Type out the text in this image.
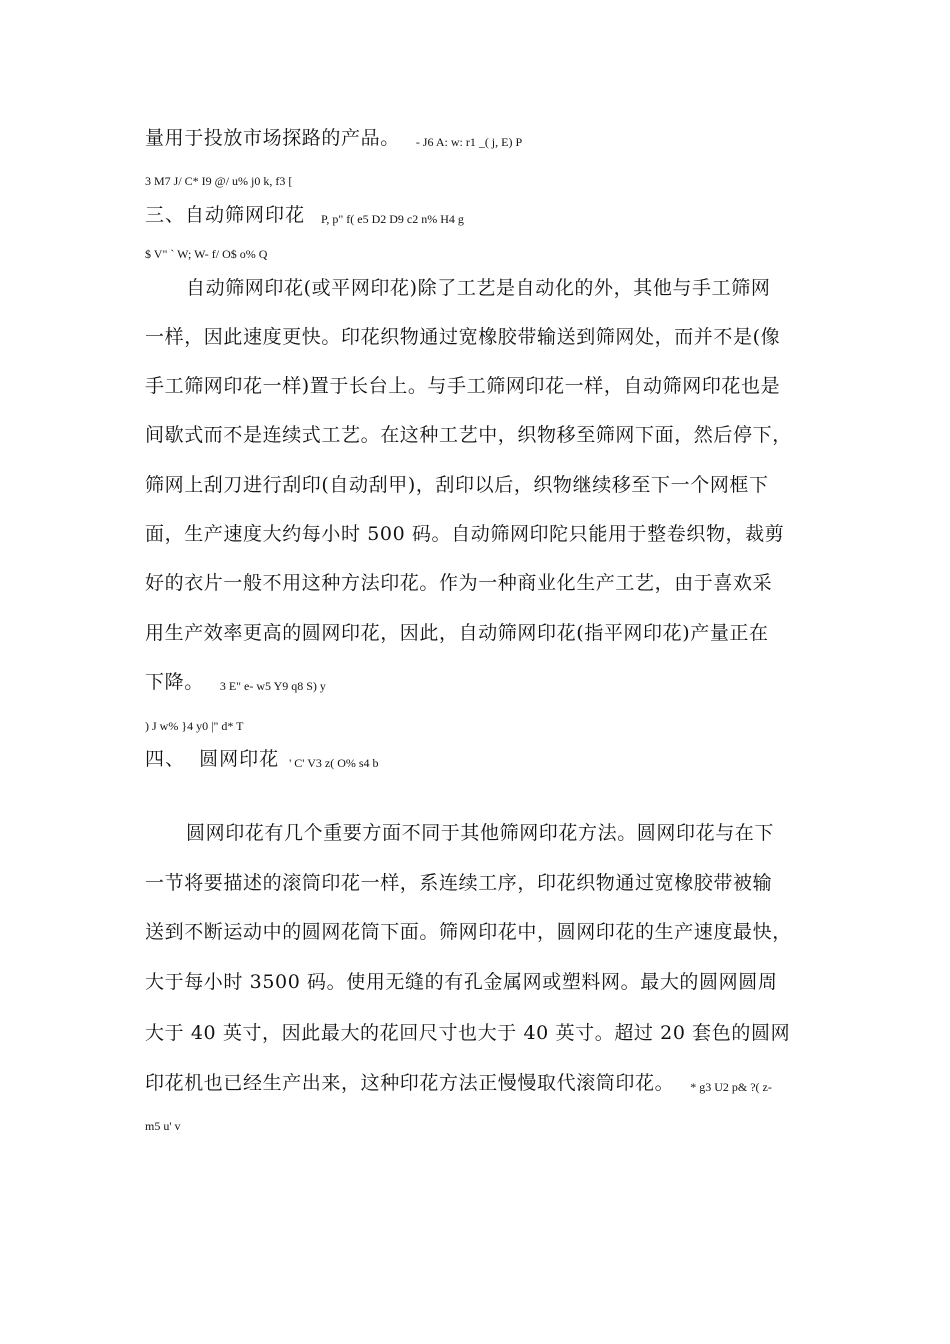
量用于投放市场探路的产品。 - J6 A: w: r1 _( j, E) P
3 M7 J/ C* I9 @/ u% j0 k, f3 [
三、自动筛网印花 P, p" f( e5 D2 D9 c2 n% H4 g
$ V" ` W; W- f/ O$ o% Q
自动筛网印花(或平网印花)除了工艺是自动化的外，其他与手工筛网
一样，因此速度更快。印花织物通过宽橡胶带输送到筛网处，而并不是(像
手工筛网印花一样)置于长台上。与手工筛网印花一样，自动筛网印花也是
间歇式而不是连续式工艺。在这种工艺中，织物移至筛网下面，然后停下，
筛网上刮刀进行刮印(自动刮甲)，刮印以后，织物继续移至下一个网框下
面，生产速度大约每小时 500 码。自动筛网印陀只能用于整卷织物，裁剪
好的衣片一般不用这种方法印花。作为一种商业化生产工艺，由于喜欢采
用生产效率更高的圆网印花，因此，自动筛网印花(指平网印花)产量正在
下降。 3 E" e- w5 Y9 q8 S) y
) J w% }4 y0 |" d* T
四、  圆网印花 ' C' V3 z( O% s4 b
圆网印花有几个重要方面不同于其他筛网印花方法。圆网印花与在下
一节将要描述的滚筒印花一样，系连续工序，印花织物通过宽橡胶带被输
送到不断运动中的圆网花筒下面。筛网印花中，圆网印花的生产速度最快，
大于每小时 3500 码。使用无缝的有孔金属网或塑料网。最大的圆网圆周
大于 40 英寸，因此最大的花回尺寸也大于 40 英寸。超过 20 套色的圆网
印花机也已经生产出来，这种印花方法正慢慢取代滚筒印花。 * g3 U2 p& ?( z-
m5 u' v
